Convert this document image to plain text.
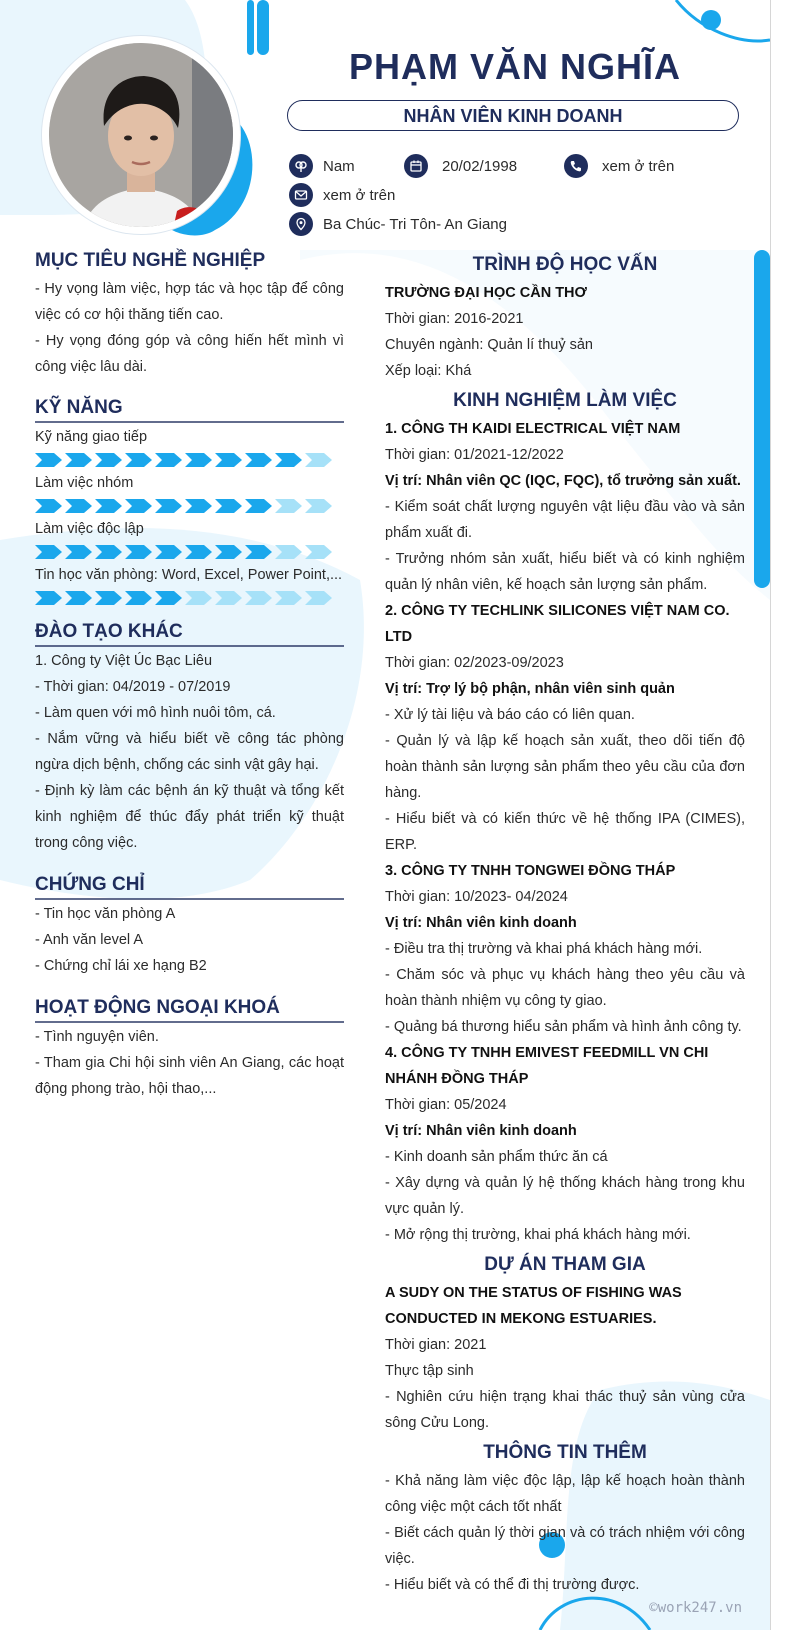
PHẠM VĂN NGHĨA
NHÂN VIÊN KINH DOANH
Nam	20/02/1998	xem ở trên
xem ở trên
Ba Chúc- Tri Tôn- An Giang
MỤC TIÊU NGHỀ NGHIỆP
- Hy vọng làm việc, hợp tác và học tập để công việc có cơ hội thăng tiến cao.
- Hy vọng đóng góp và công hiến hết mình vì công việc lâu dài.
KỸ NĂNG
Kỹ năng giao tiếp
Làm việc nhóm
Làm việc độc lập
Tin học văn phòng: Word, Excel, Power Point,...
ĐÀO TẠO KHÁC
1. Công ty Việt Úc Bạc Liêu
- Thời gian: 04/2019 - 07/2019
- Làm quen với mô hình nuôi tôm, cá.
- Nắm vững và hiểu biết về công tác phòng ngừa dịch bệnh, chống các sinh vật gây hại.
- Định kỳ làm các bệnh án kỹ thuật và tổng kết kinh nghiệm để thúc đẩy phát triển kỹ thuật trong công việc.
CHỨNG CHỈ
- Tin học văn phòng A
- Anh văn level A
- Chứng chỉ lái xe hạng B2
HOẠT ĐỘNG NGOẠI KHOÁ
- Tình nguyện viên.
- Tham gia Chi hội sinh viên An Giang, các hoạt động phong trào, hội thao,...
TRÌNH ĐỘ HỌC VẤN
TRƯỜNG ĐẠI HỌC CẦN THƠ
Thời gian: 2016-2021
Chuyên ngành: Quản lí thuỷ sản
Xếp loại: Khá
KINH NGHIỆM LÀM VIỆC
1. CÔNG TH KAIDI ELECTRICAL VIỆT NAM
Thời gian: 01/2021-12/2022
Vị trí: Nhân viên QC (IQC, FQC), tổ trưởng sản xuất.
- Kiểm soát chất lượng nguyên vật liệu đầu vào và sản phẩm xuất đi.
- Trưởng nhóm sản xuất, hiểu biết và có kinh nghiệm quản lý nhân viên, kế hoạch sản lượng sản phẩm.
2. CÔNG TY TECHLINK SILICONES VIỆT NAM CO. LTD
Thời gian: 02/2023-09/2023
Vị trí: Trợ lý bộ phận, nhân viên sinh quản
- Xử lý tài liệu và báo cáo có liên quan.
- Quản lý và lập kế hoạch sản xuất, theo dõi tiến độ hoàn thành sản lượng sản phẩm theo yêu cầu của đơn hàng.
- Hiểu biết và có kiến thức về hệ thống IPA (CIMES), ERP.
3. CÔNG TY TNHH TONGWEI ĐỒNG THÁP
Thời gian: 10/2023- 04/2024
Vị trí: Nhân viên kinh doanh
- Điều tra thị trường và khai phá khách hàng mới.
- Chăm sóc và phục vụ khách hàng theo yêu cầu và hoàn thành nhiệm vụ công ty giao.
- Quảng bá thương hiểu sản phẩm và hình ảnh công ty.
4. CÔNG TY TNHH EMIVEST FEEDMILL VN CHI NHÁNH ĐỒNG THÁP
Thời gian: 05/2024
Vị trí: Nhân viên kinh doanh
- Kinh doanh sản phẩm thức ăn cá
- Xây dựng và quản lý hệ thống khách hàng trong khu vực quản lý.
- Mở rộng thị trường, khai phá khách hàng mới.
DỰ ÁN THAM GIA
A SUDY ON THE STATUS OF FISHING WAS CONDUCTED IN MEKONG ESTUARIES.
Thời gian: 2021
Thực tập sinh
- Nghiên cứu hiện trạng khai thác thuỷ sản vùng cửa sông Cửu Long.
THÔNG TIN THÊM
- Khả năng làm việc độc lập, lập kế hoạch hoàn thành công việc một cách tốt nhất
- Biết cách quản lý thời gian và có trách nhiệm với công việc.
- Hiểu biết và có thể đi thị trường được.
©work247.vn
